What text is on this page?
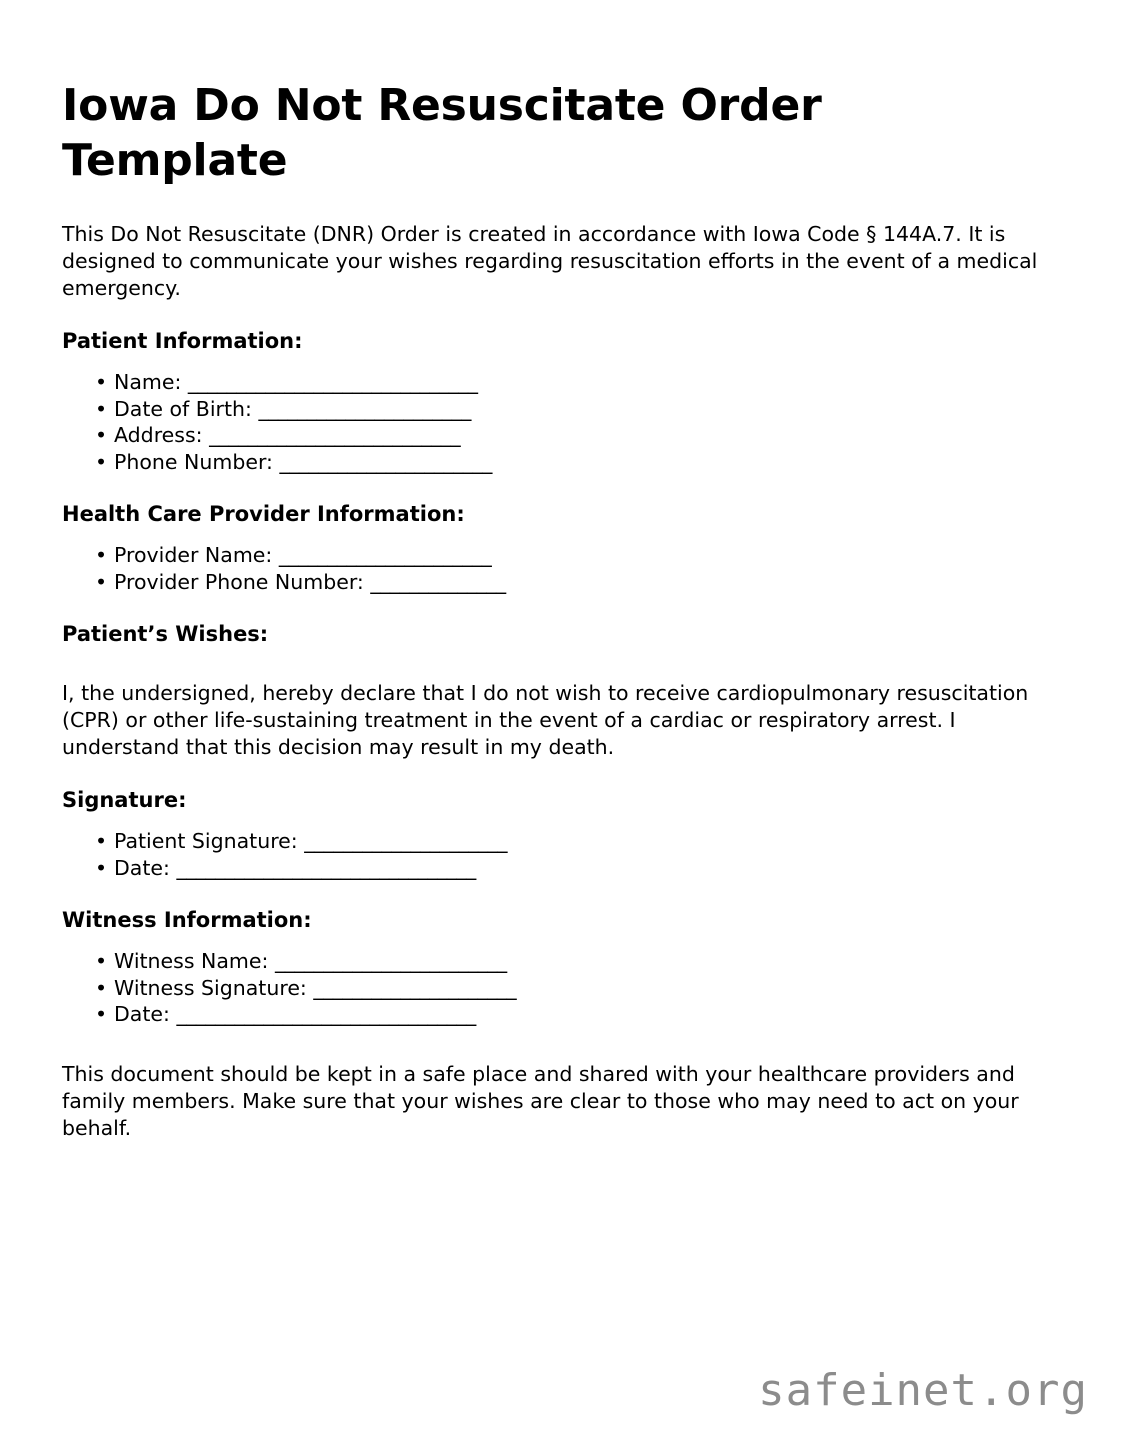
Iowa Do Not Resuscitate Order Template

This Do Not Resuscitate (DNR) Order is created in accordance with Iowa Code § 144A.7. It is designed to communicate your wishes regarding resuscitation efforts in the event of a medical emergency.

Patient Information:
• Name: ______________________________
• Date of Birth: ______________________
• Address: __________________________
• Phone Number: ______________________
Health Care Provider Information:
• Provider Name: ______________________
• Provider Phone Number: ______________
Patient’s Wishes:

I, the undersigned, hereby declare that I do not wish to receive cardiopulmonary resuscitation (CPR) or other life-sustaining treatment in the event of a cardiac or respiratory arrest. I understand that this decision may result in my death.

Signature:
• Patient Signature: _____________________
• Date: _______________________________
Witness Information:
• Witness Name: ________________________
• Witness Signature: _____________________
• Date: _______________________________

This document should be kept in a safe place and shared with your healthcare providers and family members. Make sure that your wishes are clear to those who may need to act on your behalf.

safeinet.org
